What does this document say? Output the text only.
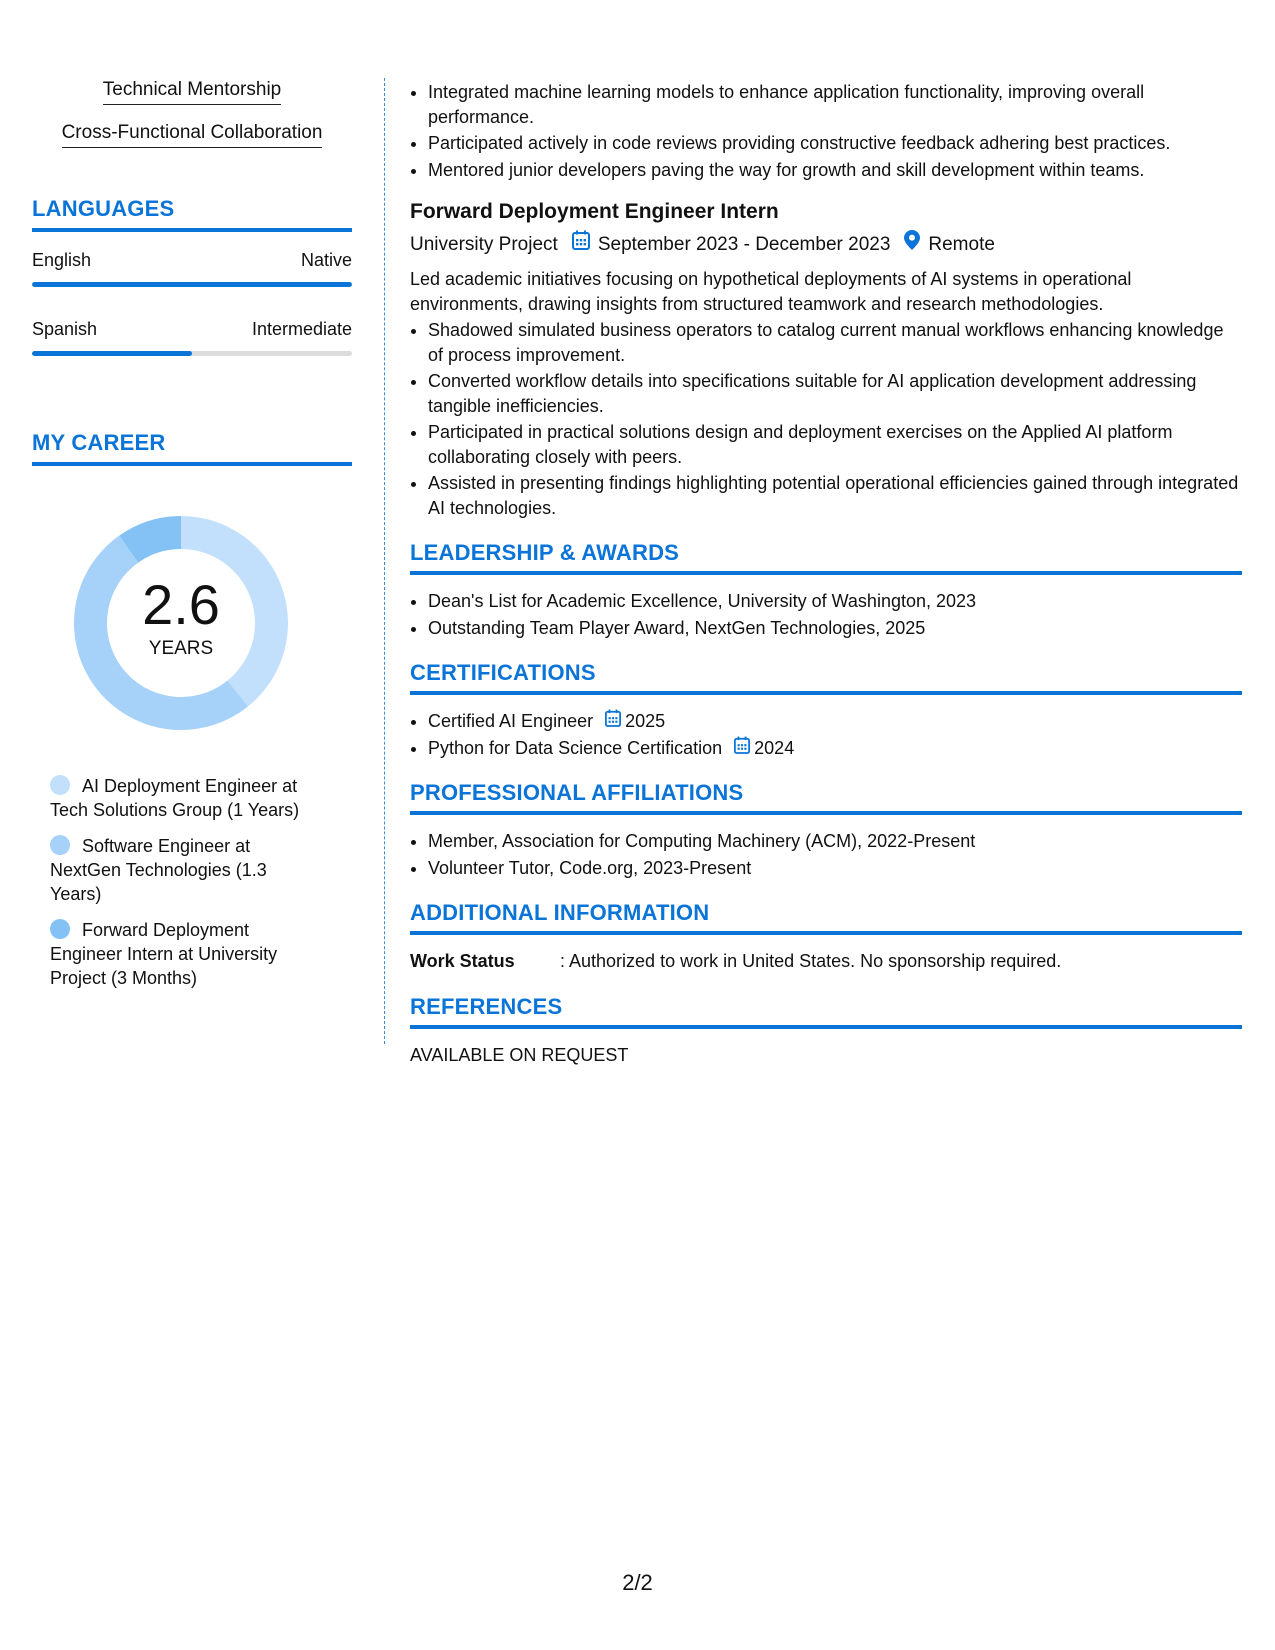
Technical Mentorship
Cross-Functional Collaboration
LANGUAGES
English	Native
Spanish	Intermediate
MY CAREER
2.6
YEARS
AI Deployment Engineer at Tech Solutions Group (1 Years)
Software Engineer at NextGen Technologies (1.3 Years)
Forward Deployment Engineer Intern at University Project (3 Months)
• Integrated machine learning models to enhance application functionality, improving overall performance.
• Participated actively in code reviews providing constructive feedback adhering best practices.
• Mentored junior developers paving the way for growth and skill development within teams.
Forward Deployment Engineer Intern
University Project September 2023 - December 2023 Remote
Led academic initiatives focusing on hypothetical deployments of AI systems in operational environments, drawing insights from structured teamwork and research methodologies.
• Shadowed simulated business operators to catalog current manual workflows enhancing knowledge of process improvement.
• Converted workflow details into specifications suitable for AI application development addressing tangible inefficiencies.
• Participated in practical solutions design and deployment exercises on the Applied AI platform collaborating closely with peers.
• Assisted in presenting findings highlighting potential operational efficiencies gained through integrated AI technologies.
LEADERSHIP & AWARDS
• Dean's List for Academic Excellence, University of Washington, 2023
• Outstanding Team Player Award, NextGen Technologies, 2025
CERTIFICATIONS
• Certified AI Engineer 2025
• Python for Data Science Certification 2024
PROFESSIONAL AFFILIATIONS
• Member, Association for Computing Machinery (ACM), 2022-Present
• Volunteer Tutor, Code.org, 2023-Present
ADDITIONAL INFORMATION
Work Status	: Authorized to work in United States. No sponsorship required.
REFERENCES
AVAILABLE ON REQUEST
2/2
